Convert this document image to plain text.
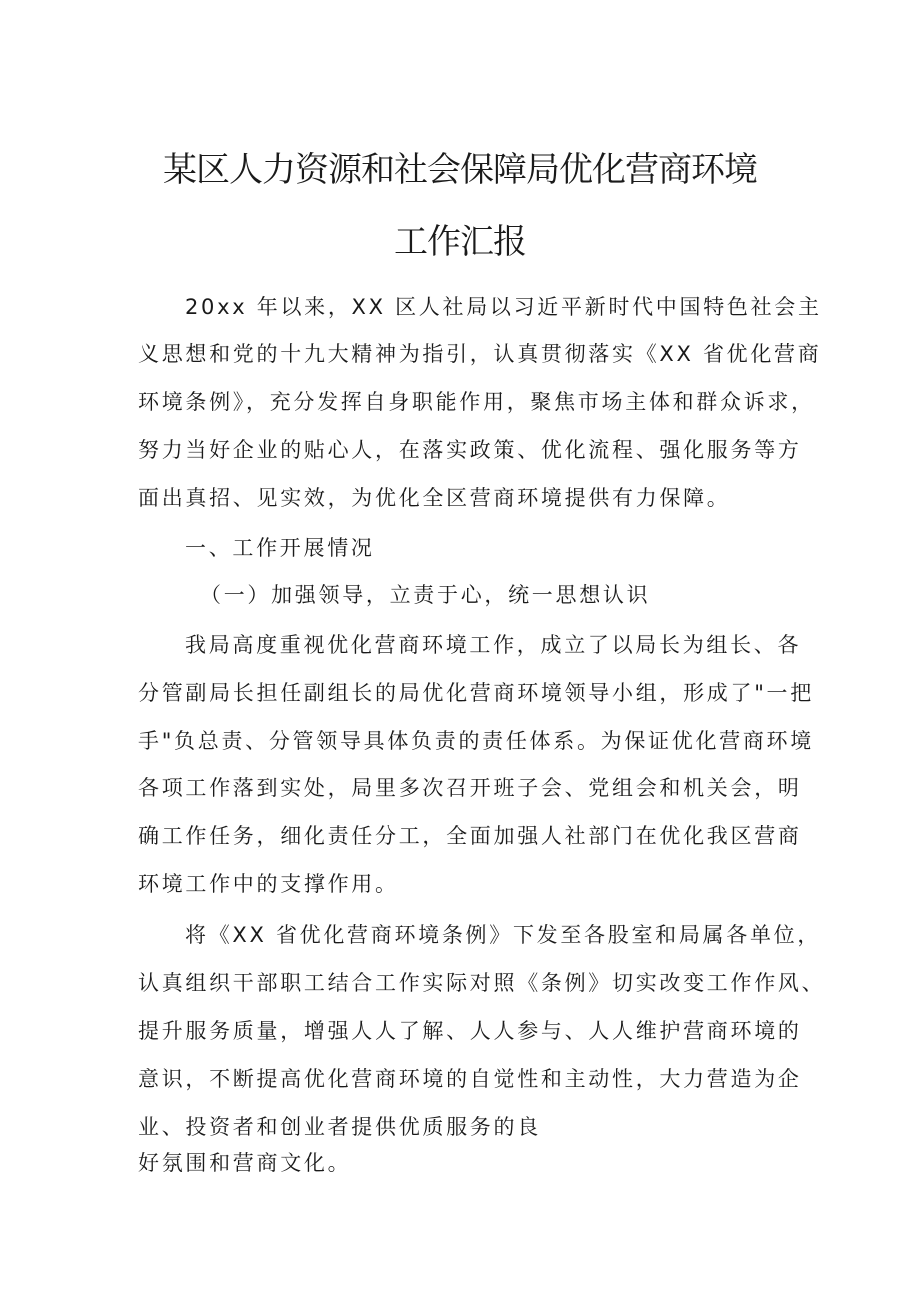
某区人力资源和社会保障局优化营商环境
工作汇报

20xx 年以来，XX 区人社局以习近平新时代中国特色社会主

义思想和党的十九大精神为指引，认真贯彻落实《XX 省优化营商

环境条例》，充分发挥自身职能作用，聚焦市场主体和群众诉求，

努力当好企业的贴心人，在落实政策、优化流程、强化服务等方

面出真招、见实效，为优化全区营商环境提供有力保障。

一、工作开展情况

（一）加强领导，立责于心，统一思想认识

我局高度重视优化营商环境工作，成立了以局长为组长、各

分管副局长担任副组长的局优化营商环境领导小组，形成了"一把

手"负总责、分管领导具体负责的责任体系。为保证优化营商环境

各项工作落到实处，局里多次召开班子会、党组会和机关会，明

确工作任务，细化责任分工，全面加强人社部门在优化我区营商

环境工作中的支撑作用。

将《XX 省优化营商环境条例》下发至各股室和局属各单位，

认真组织干部职工结合工作实际对照《条例》切实改变工作作风、

提升服务质量，增强人人了解、人人参与、人人维护营商环境的

意识，不断提高优化营商环境的自觉性和主动性，大力营造为企

业、投资者和创业者提供优质服务的良

好氛围和营商文化。
